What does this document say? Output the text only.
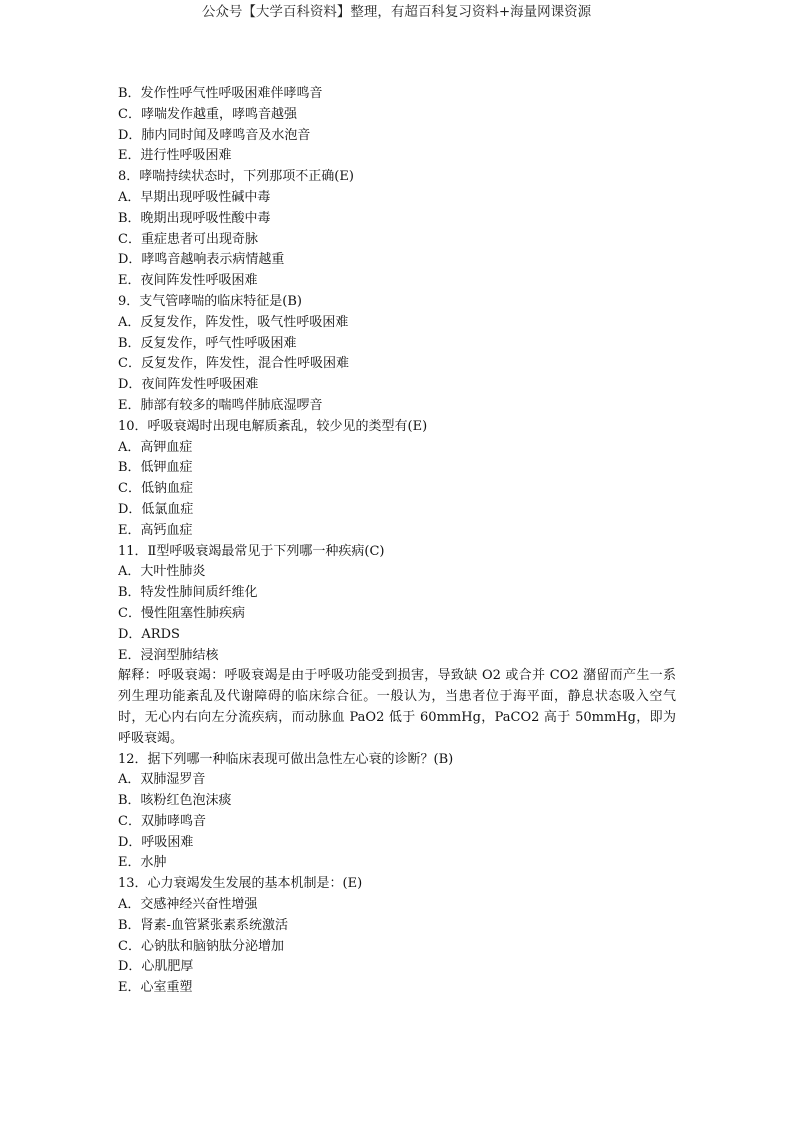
公众号【大学百科资料】整理，有超百科复习资料+海量网课资源
B．发作性呼气性呼吸困难伴哮鸣音
C．哮喘发作越重，哮鸣音越强
D．肺内同时闻及哮鸣音及水泡音
E．进行性呼吸困难
8．哮喘持续状态时，下列那项不正确(E)
A．早期出现呼吸性碱中毒
B．晚期出现呼吸性酸中毒
C．重症患者可出现奇脉
D．哮鸣音越响表示病情越重
E．夜间阵发性呼吸困难
9．支气管哮喘的临床特征是(B)
A．反复发作，阵发性，吸气性呼吸困难
B．反复发作，呼气性呼吸困难
C．反复发作，阵发性，混合性呼吸困难
D．夜间阵发性呼吸困难
E．肺部有较多的喘鸣伴肺底湿啰音
10．呼吸衰竭时出现电解质紊乱，较少见的类型有(E)
A．高钾血症
B．低钾血症
C．低钠血症
D．低氯血症
E．高钙血症
11．Ⅱ型呼吸衰竭最常见于下列哪一种疾病(C)
A．大叶性肺炎
B．特发性肺间质纤维化
C．慢性阻塞性肺疾病
D．ARDS
E．浸润型肺结核
解释：呼吸衰竭：呼吸衰竭是由于呼吸功能受到损害，导致缺 O2 或合并 CO2 潴留而产生一系列生理功能紊乱及代谢障碍的临床综合征。一般认为，当患者位于海平面，静息状态吸入空气时，无心内右向左分流疾病，而动脉血 PaO2 低于 60mmHg，PaCO2 高于 50mmHg，即为呼吸衰竭。
12．据下列哪一种临床表现可做出急性左心衰的诊断？(B)
A．双肺湿罗音
B．咳粉红色泡沫痰
C．双肺哮鸣音
D．呼吸困难
E．水肿
13．心力衰竭发生发展的基本机制是：(E)
A．交感神经兴奋性增强
B．肾素-血管紧张素系统激活
C．心钠肽和脑钠肽分泌增加
D．心肌肥厚
E．心室重塑
